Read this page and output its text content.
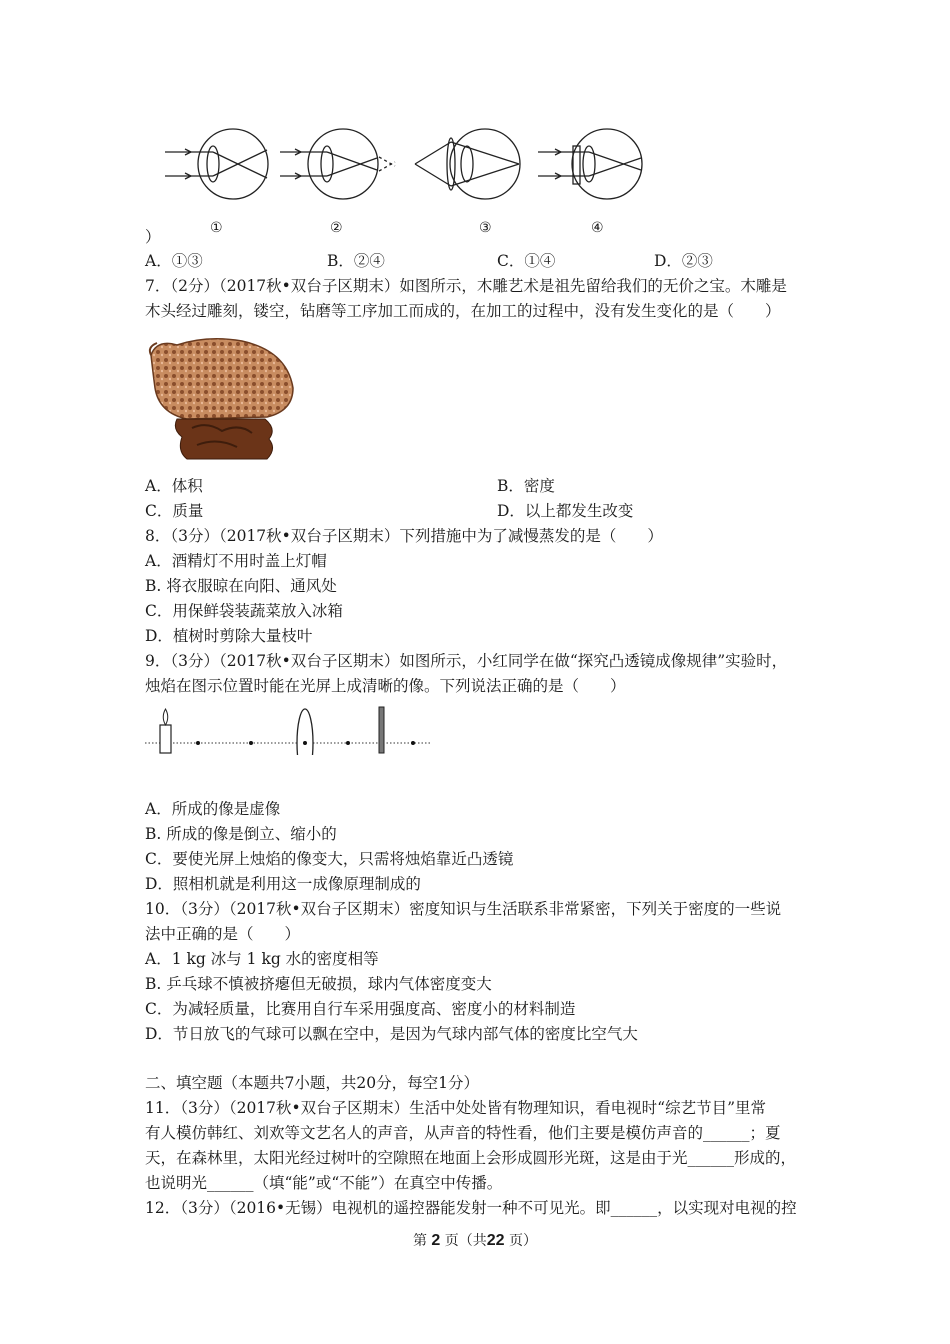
①	②	③	④
）
A．①③	B．②④	C．①④	D．②③
7．（2分）（2017秋•双台子区期末）如图所示，木雕艺术是祖先留给我们的无价之宝。木雕是
木头经过雕刻，镂空，钻磨等工序加工而成的，在加工的过程中，没有发生变化的是（　　）
A．体积	B．密度
C．质量	D．以上都发生改变
8．（3分）（2017秋•双台子区期末）下列措施中为了减慢蒸发的是（　　）
A．酒精灯不用时盖上灯帽
B. 将衣服晾在向阳、通风处
C．用保鲜袋装蔬菜放入冰箱
D．植树时剪除大量枝叶
9．（3分）（2017秋•双台子区期末）如图所示，小红同学在做“探究凸透镜成像规律”实验时，
烛焰在图示位置时能在光屏上成清晰的像。下列说法正确的是（　　）
A．所成的像是虚像
B. 所成的像是倒立、缩小的
C．要使光屏上烛焰的像变大，只需将烛焰靠近凸透镜
D．照相机就是利用这一成像原理制成的
10．（3分）（2017秋•双台子区期末）密度知识与生活联系非常紧密，下列关于密度的一些说
法中正确的是（　　）
A．1 kg 冰与 1 kg 水的密度相等
B. 乒乓球不慎被挤瘪但无破损，球内气体密度变大
C．为减轻质量，比赛用自行车采用强度高、密度小的材料制造
D．节日放飞的气球可以飘在空中，是因为气球内部气体的密度比空气大
二、填空题（本题共7小题，共20分，每空1分）
11．（3分）（2017秋•双台子区期末）生活中处处皆有物理知识，看电视时“综艺节目”里常
有人模仿韩红、刘欢等文艺名人的声音，从声音的特性看，他们主要是模仿声音的______；夏
天，在森林里，太阳光经过树叶的空隙照在地面上会形成圆形光斑，这是由于光______形成的，
也说明光______（填“能”或“不能”）在真空中传播。
12．（3分）（2016•无锡）电视机的遥控器能发射一种不可见光。即______，以实现对电视的控
第 2 页（共22 页）
